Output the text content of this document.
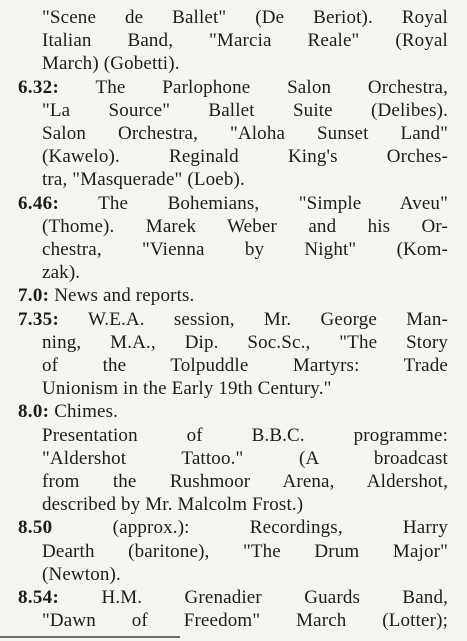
"Scene de Ballet" (De Beriot). Royal
Italian Band, "Marcia Reale" (Royal
March) (Gobetti).
6.32: The Parlophone Salon Orchestra,
"La Source" Ballet Suite (Delibes).
Salon Orchestra, "Aloha Sunset Land"
(Kawelo). Reginald King's Orches-
tra, "Masquerade" (Loeb).
6.46: The Bohemians, "Simple Aveu"
(Thome). Marek Weber and his Or-
chestra, "Vienna by Night" (Kom-
zak).
7.0: News and reports.
7.35: W.E.A. session, Mr. George Man-
ning, M.A., Dip. Soc.Sc., "The Story
of the Tolpuddle Martyrs: Trade
Unionism in the Early 19th Century."
8.0: Chimes.
Presentation of B.B.C. programme:
"Aldershot Tattoo." (A broadcast
from the Rushmoor Arena, Aldershot,
described by Mr. Malcolm Frost.)
8.50	(approx.): Recordings, Harry
Dearth (baritone), "The Drum Major"
(Newton).
8.54: H.M. Grenadier Guards Band,
"Dawn of Freedom" March (Lotter);
